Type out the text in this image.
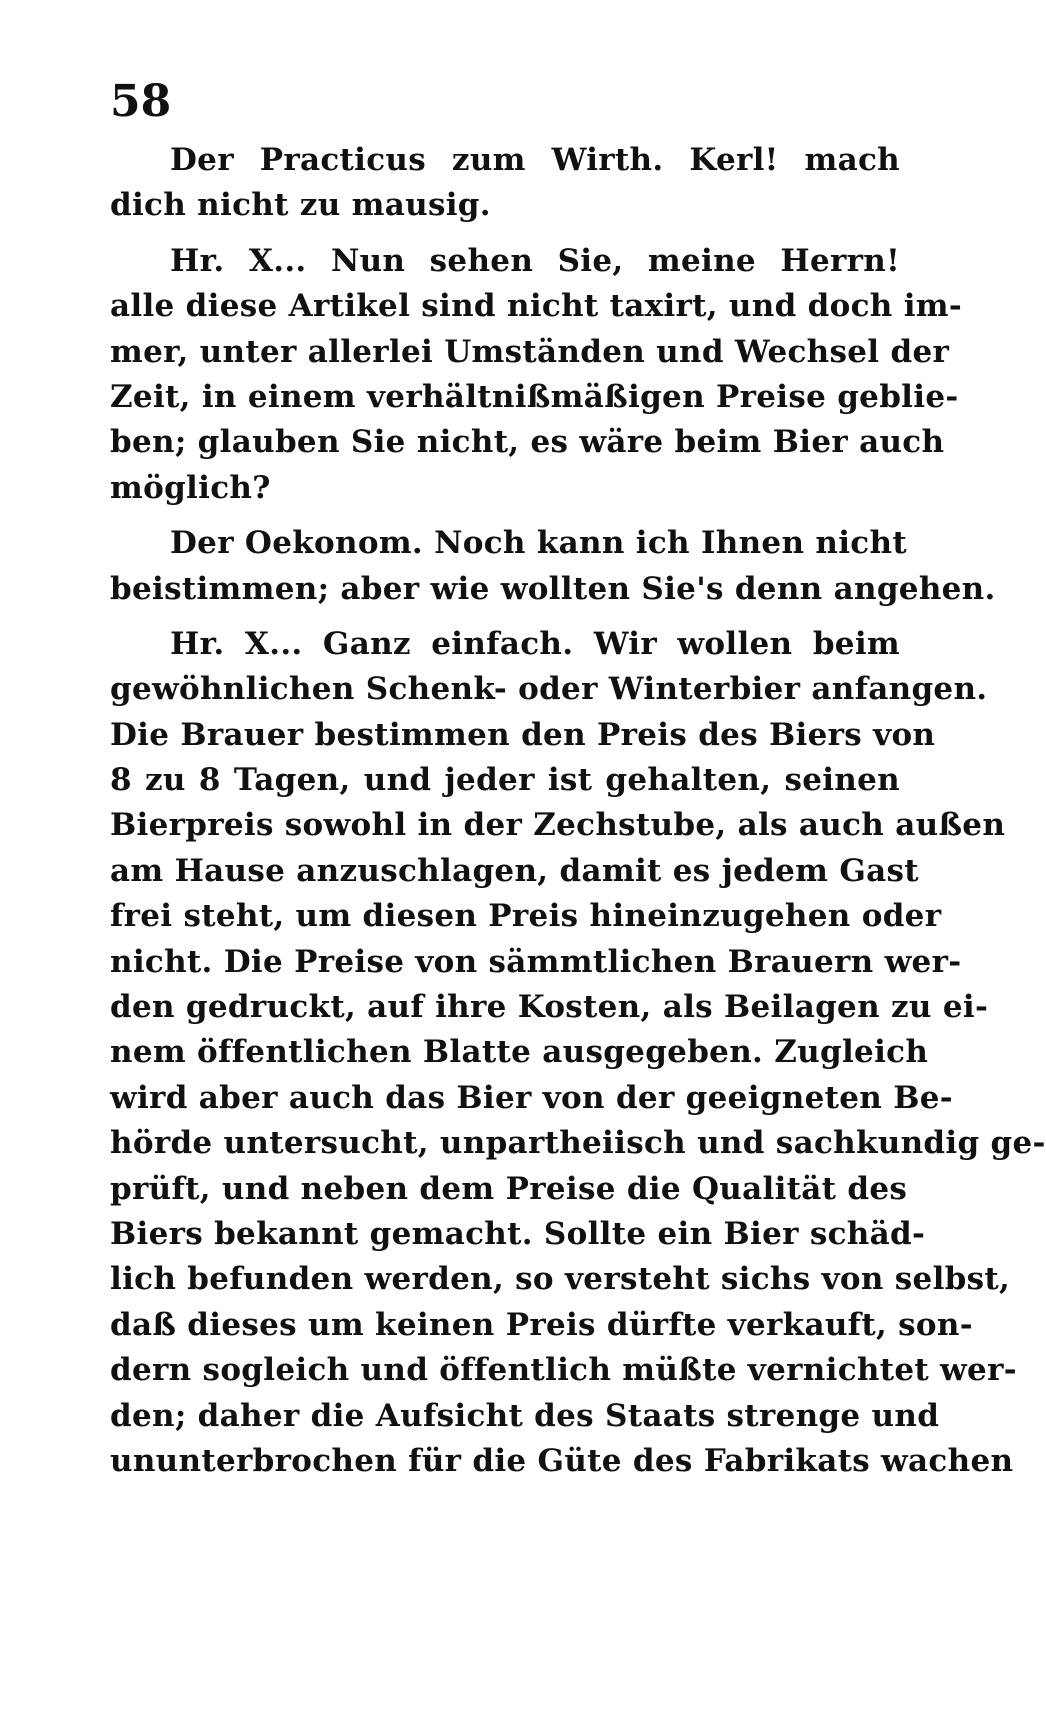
58
Der Practicus zum Wirth. Kerl! mach
dich nicht zu mausig.
Hr. X... Nun sehen Sie, meine Herrn!
alle diese Artikel sind nicht taxirt, und doch im-
mer, unter allerlei Umständen und Wechsel der
Zeit, in einem verhältnißmäßigen Preise geblie-
ben; glauben Sie nicht, es wäre beim Bier auch
möglich?
Der Oekonom. Noch kann ich Ihnen nicht
beistimmen; aber wie wollten Sie's denn angehen.
Hr. X... Ganz einfach. Wir wollen beim
gewöhnlichen Schenk- oder Winterbier anfangen.
Die Brauer bestimmen den Preis des Biers von
8 zu 8 Tagen, und jeder ist gehalten, seinen
Bierpreis sowohl in der Zechstube, als auch außen
am Hause anzuschlagen, damit es jedem Gast
frei steht, um diesen Preis hineinzugehen oder
nicht. Die Preise von sämmtlichen Brauern wer-
den gedruckt, auf ihre Kosten, als Beilagen zu ei-
nem öffentlichen Blatte ausgegeben. Zugleich
wird aber auch das Bier von der geeigneten Be-
hörde untersucht, unpartheiisch und sachkundig ge-
prüft, und neben dem Preise die Qualität des
Biers bekannt gemacht. Sollte ein Bier schäd-
lich befunden werden, so versteht sichs von selbst,
daß dieses um keinen Preis dürfte verkauft, son-
dern sogleich und öffentlich müßte vernichtet wer-
den; daher die Aufsicht des Staats strenge und
ununterbrochen für die Güte des Fabrikats wachen
